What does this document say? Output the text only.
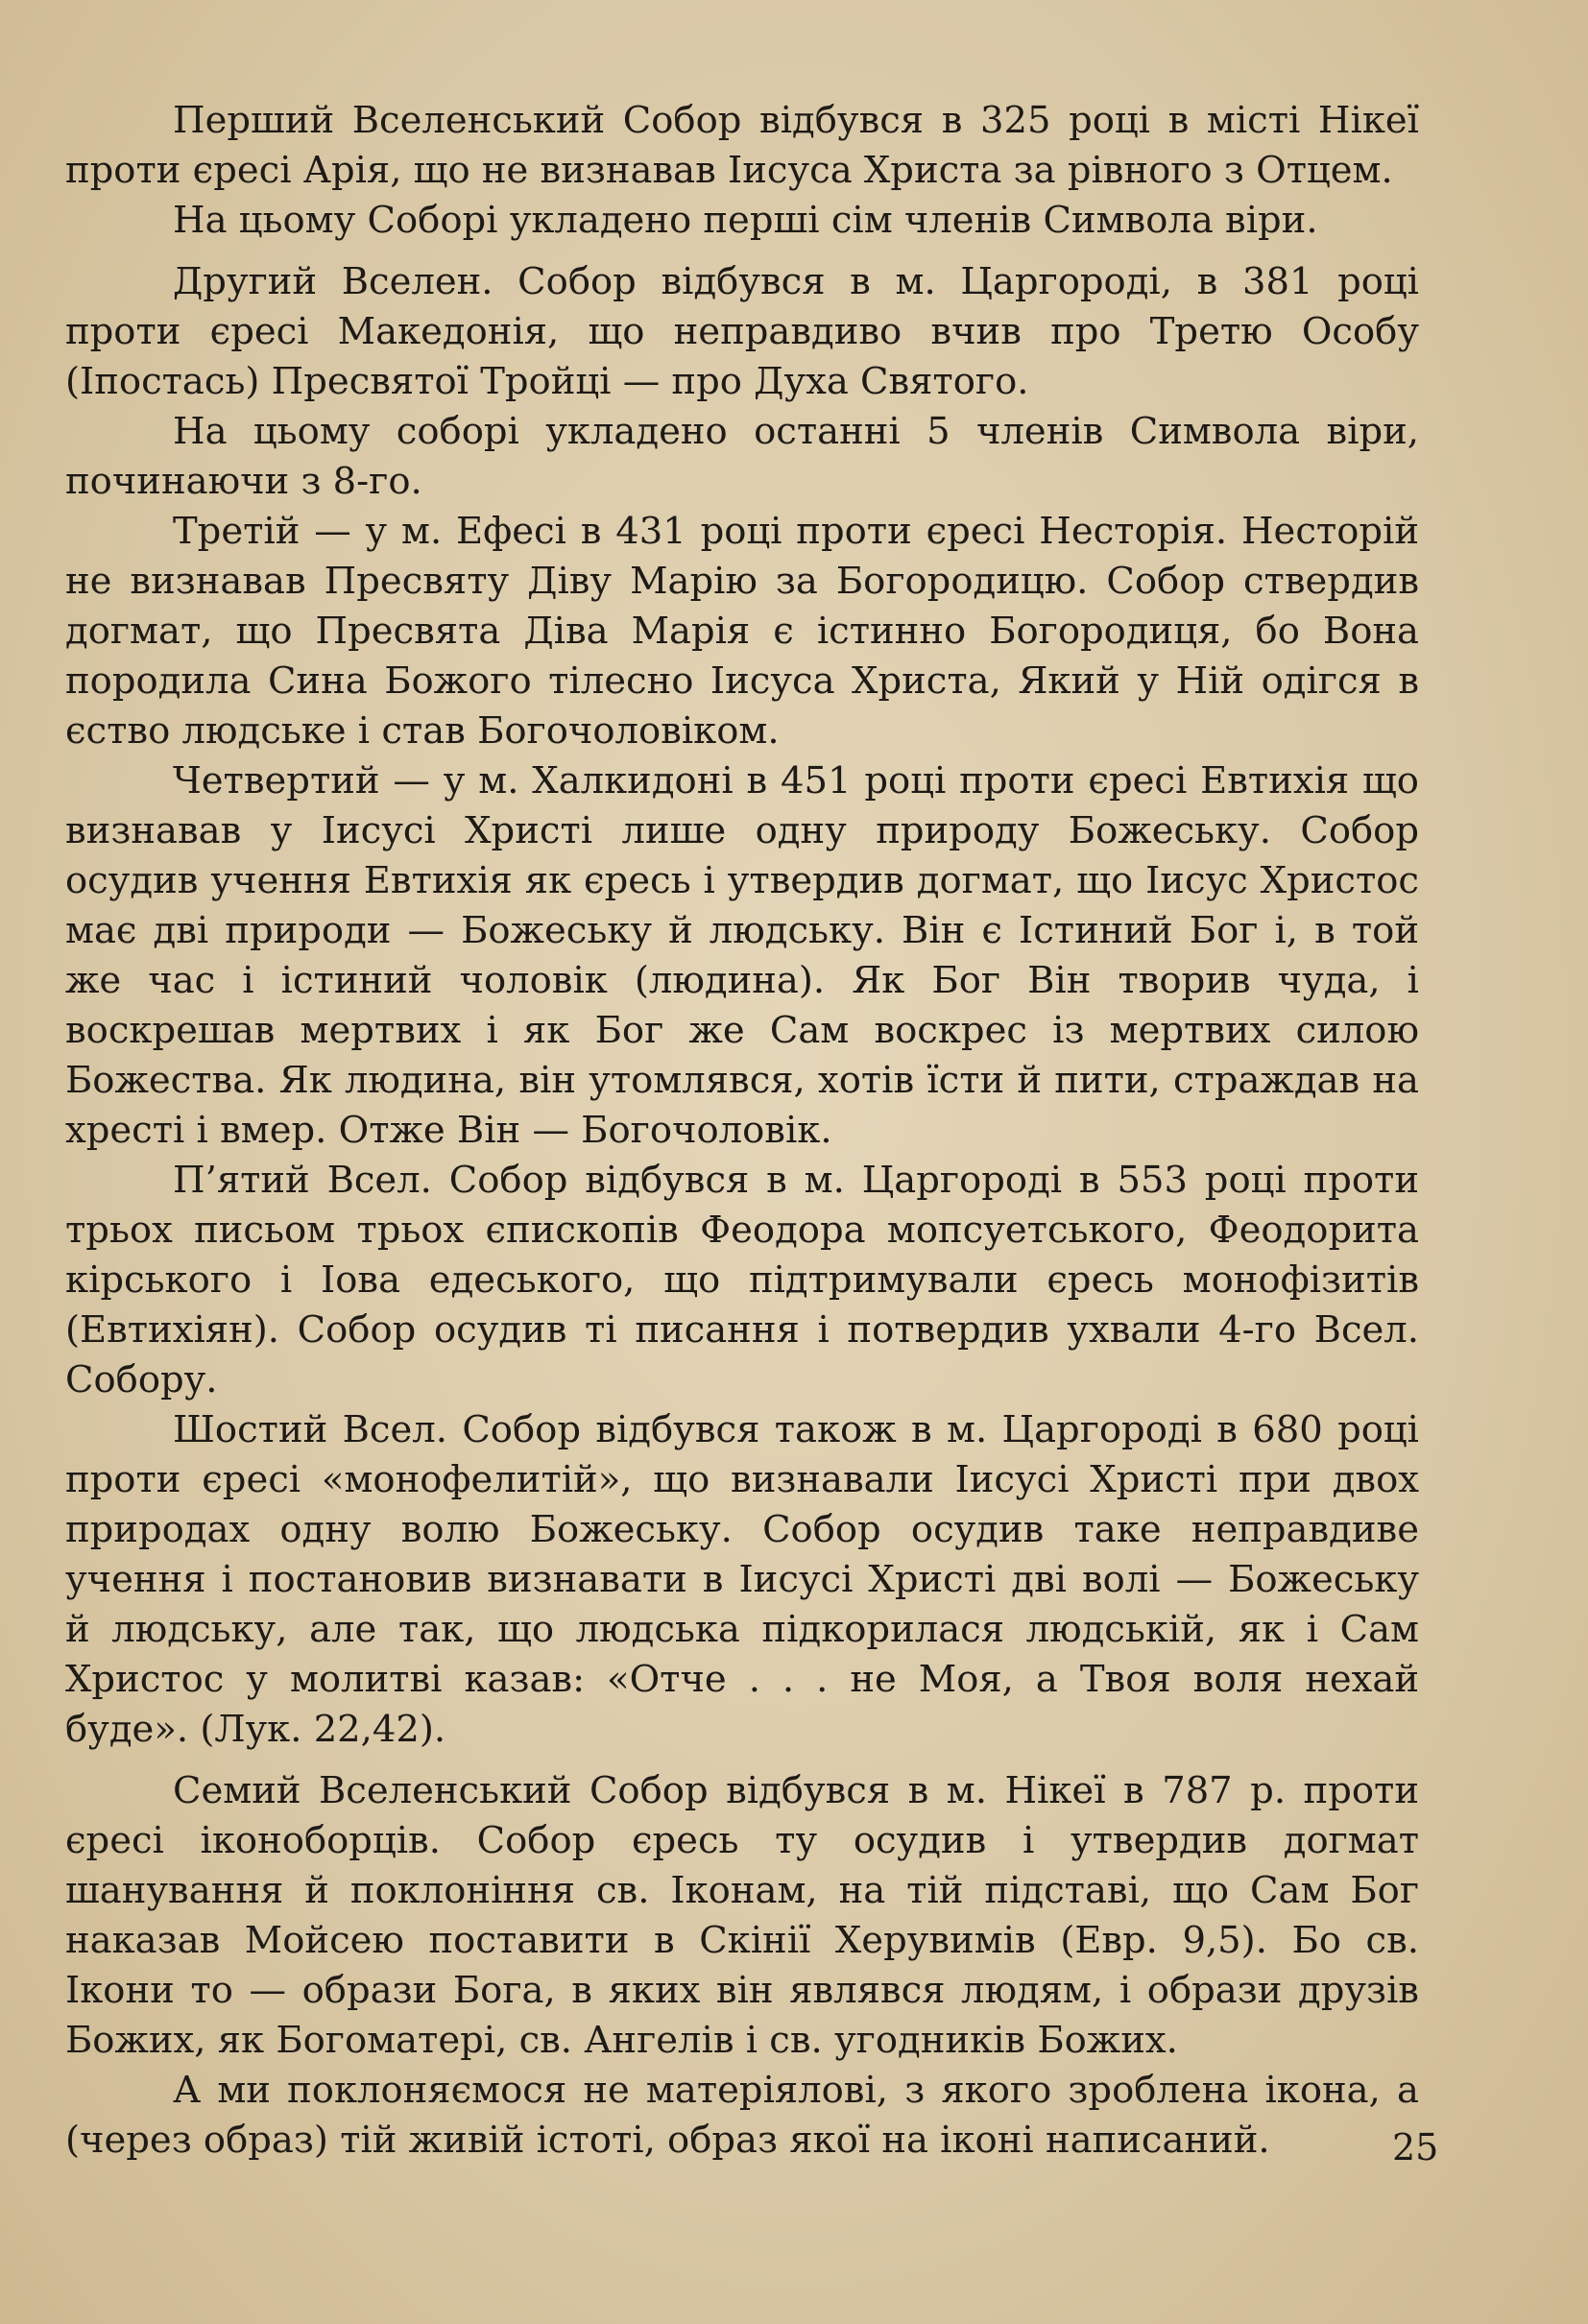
Перший Вселенський Собор відбувся в 325 році в місті Нікеї проти єресі Арія, що не визнавав Іисуса Христа за рівного з Отцем.

На цьому Соборі укладено перші сім членів Символа віри.

Другий Вселен. Собор відбувся в м. Царгороді, в 381 році проти єресі Македонія, що неправдиво вчив про Третю Особу (Іпостась) Пресвятої Тройці — про Духа Святого.

На цьому соборі укладено останні 5 членів Символа віри, починаючи з 8-го.

Третій — у м. Ефесі в 431 році проти єресі Несторія. Несторій не визнавав Пресвяту Діву Марію за Богородицю. Собор ствердив догмат, що Пресвята Діва Марія є істинно Богородиця, бо Вона породила Сина Божого тілесно Іисуса Христа, Який у Ній одігся в єство людське і став Богочоловіком.

Четвертий — у м. Халкидоні в 451 році проти єресі Евтихія що визнавав у Іисусі Христі лише одну природу Божеську. Собор осудив учення Евтихія як єресь і утвердив догмат, що Іисус Христос має дві природи — Божеську й людську. Він є Істиний Бог і, в той же час і істиний чоловік (людина). Як Бог Він творив чуда, і воскрешав мертвих і як Бог же Сам воскрес із мертвих силою Божества. Як людина, він утомлявся, хотів їсти й пити, страждав на хресті і вмер. Отже Він — Богочоловік.

П’ятий Всел. Собор відбувся в м. Царгороді в 553 році проти трьох письом трьох єпископів Феодора мопсуетського, Феодорита кірського і Іова едеського, що підтримували єресь монофізитів (Евтихіян). Собор осудив ті писання і потвердив ухвали 4-го Всел. Собору.

Шостий Всел. Собор відбувся також в м. Царгороді в 680 році проти єресі «монофелитій», що визнавали Іисусі Христі при двох природах одну волю Божеську. Собор осудив таке неправдиве учення і постановив визнавати в Іисусі Христі дві волі — Божеську й людську, але так, що людська підкорилася людській, як і Сам Христос у молитві казав: «Отче . . . не Моя, а Твоя воля нехай буде». (Лук. 22,42).

Семий Вселенський Собор відбувся в м. Нікеї в 787 р. проти єресі іконоборців. Собор єресь ту осудив і утвердив догмат шанування й поклоніння св. Іконам, на тій підставі, що Сам Бог наказав Мойсею поставити в Скінії Херувимів (Евр. 9,5). Бо св. Ікони то — образи Бога, в яких він являвся людям, і образи друзів Божих, як Богоматері, св. Ангелів і св. угодників Божих.

А ми поклоняємося не матеріялові, з якого зроблена ікона, а (через образ) тій живій істоті, образ якої на іконі написаний.	25
